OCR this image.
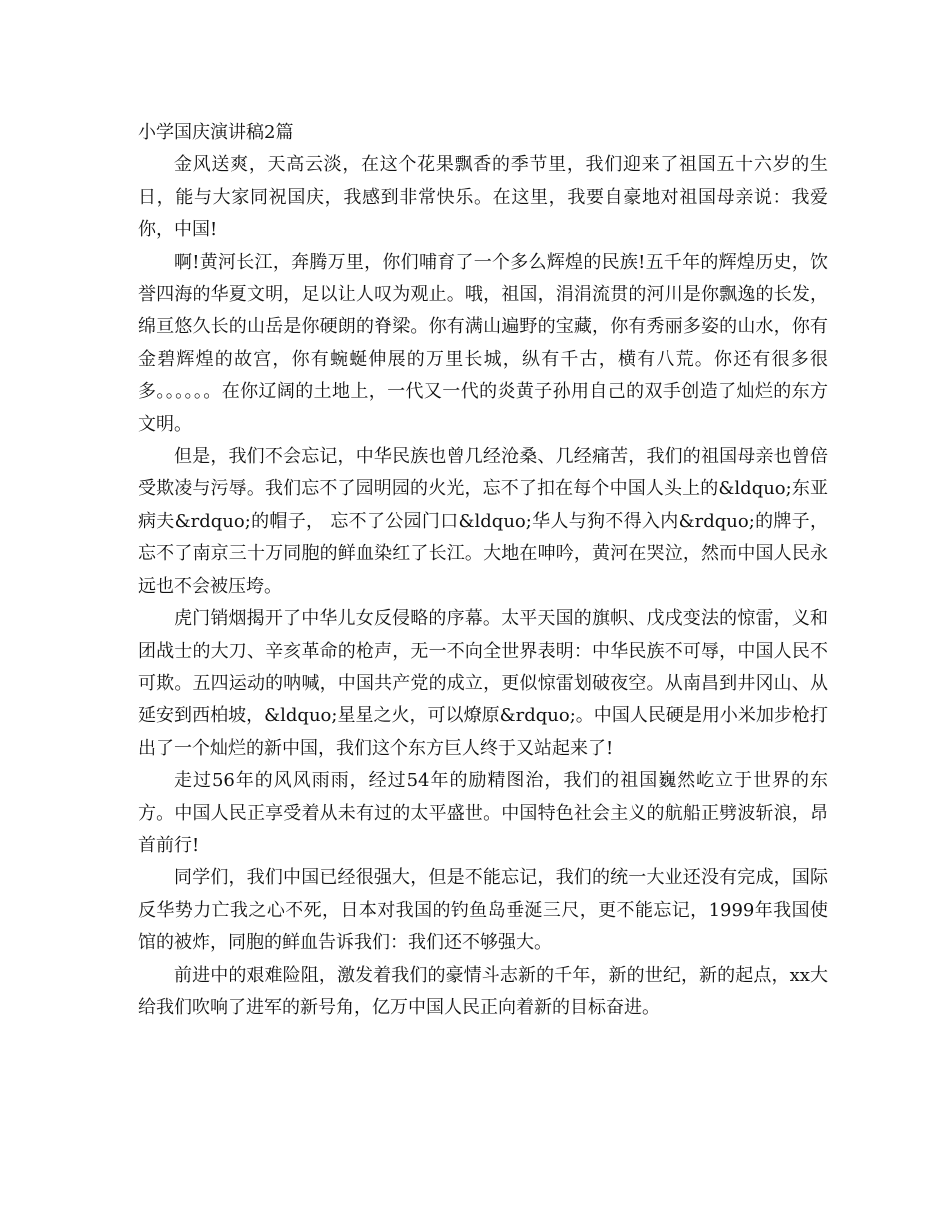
小学国庆演讲稿2篇

金风送爽，天高云淡，在这个花果飘香的季节里，我们迎来了祖国五十六岁的生日，能与大家同祝国庆，我感到非常快乐。在这里，我要自豪地对祖国母亲说：我爱你，中国!

啊!黄河长江，奔腾万里，你们哺育了一个多么辉煌的民族!五千年的辉煌历史，饮誉四海的华夏文明，足以让人叹为观止。哦，祖国，涓涓流贯的河川是你飘逸的长发，绵亘悠久长的山岳是你硬朗的脊梁。你有满山遍野的宝藏，你有秀丽多姿的山水，你有金碧辉煌的故宫，你有蜿蜒伸展的万里长城，纵有千古，横有八荒。你还有很多很多。。。。。。在你辽阔的土地上，一代又一代的炎黄子孙用自己的双手创造了灿烂的东方文明。

但是，我们不会忘记，中华民族也曾几经沧桑、几经痛苦，我们的祖国母亲也曾倍受欺凌与污辱。我们忘不了园明园的火光，忘不了扣在每个中国人头上的&ldquo;东亚病夫&rdquo;的帽子， 忘不了公园门口&ldquo;华人与狗不得入内&rdquo;的牌子，忘不了南京三十万同胞的鲜血染红了长江。大地在呻吟，黄河在哭泣，然而中国人民永远也不会被压垮。

虎门销烟揭开了中华儿女反侵略的序幕。太平天国的旗帜、戊戌变法的惊雷，义和团战士的大刀、辛亥革命的枪声，无一不向全世界表明：中华民族不可辱，中国人民不可欺。五四运动的呐喊，中国共产党的成立，更似惊雷划破夜空。从南昌到井冈山、从延安到西柏坡，&ldquo;星星之火，可以燎原&rdquo;。中国人民硬是用小米加步枪打出了一个灿烂的新中国，我们这个东方巨人终于又站起来了!

走过56年的风风雨雨，经过54年的励精图治，我们的祖国巍然屹立于世界的东方。中国人民正享受着从未有过的太平盛世。中国特色社会主义的航船正劈波斩浪，昂首前行!

同学们，我们中国已经很强大，但是不能忘记，我们的统一大业还没有完成，国际反华势力亡我之心不死，日本对我国的钓鱼岛垂涎三尺，更不能忘记，1999年我国使馆的被炸，同胞的鲜血告诉我们：我们还不够强大。

前进中的艰难险阻，激发着我们的豪情斗志新的千年，新的世纪，新的起点，xx大给我们吹响了进军的新号角，亿万中国人民正向着新的目标奋进。
